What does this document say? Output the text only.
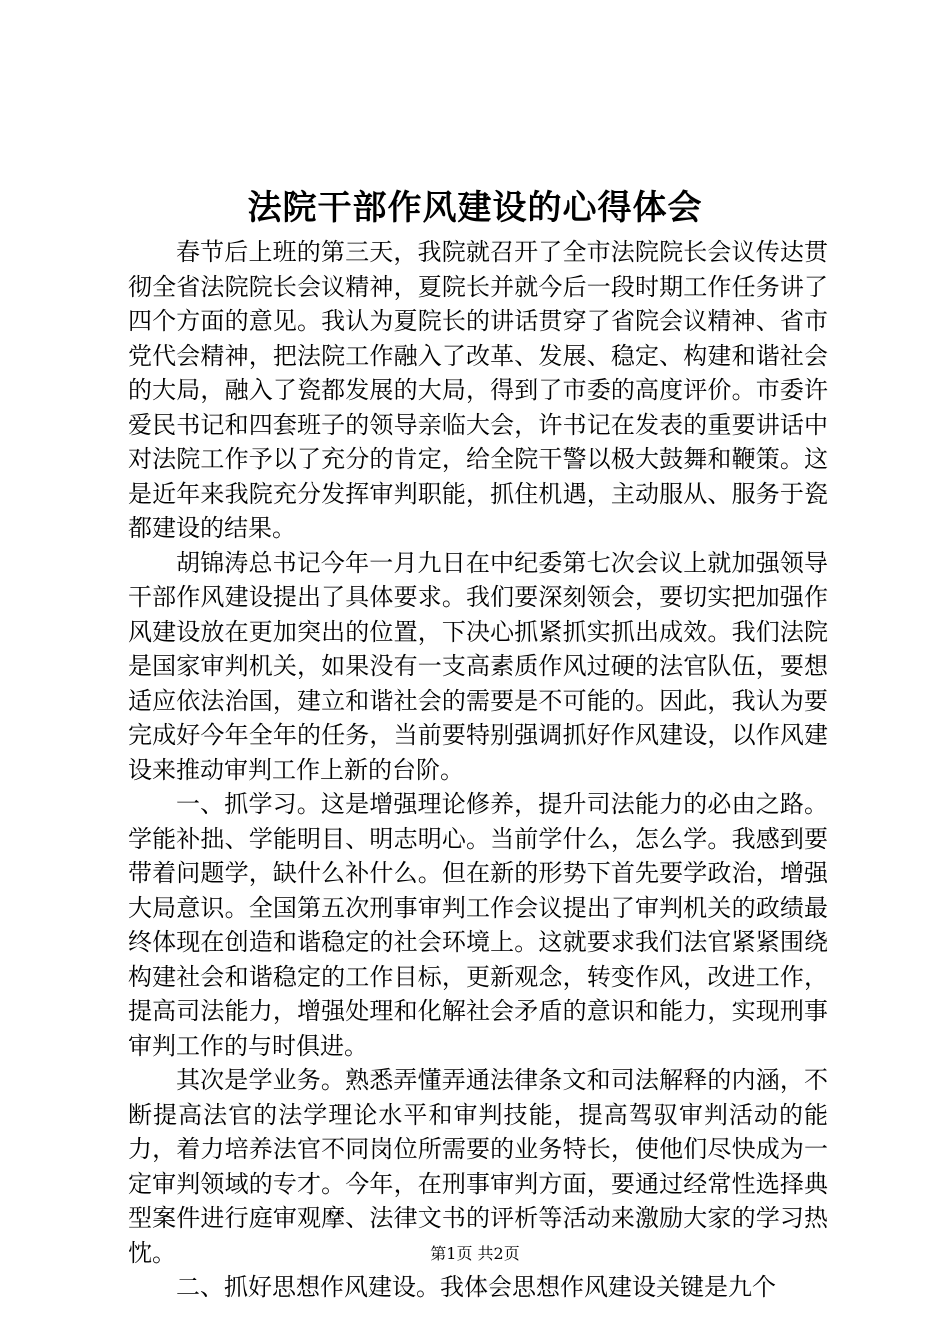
法院干部作风建设的心得体会

春节后上班的第三天，我院就召开了全市法院院长会议传达贯彻全省法院院长会议精神，夏院长并就今后一段时期工作任务讲了四个方面的意见。我认为夏院长的讲话贯穿了省院会议精神、省市党代会精神，把法院工作融入了改革、发展、稳定、构建和谐社会的大局，融入了瓷都发展的大局，得到了市委的高度评价。市委许爱民书记和四套班子的领导亲临大会，许书记在发表的重要讲话中对法院工作予以了充分的肯定，给全院干警以极大鼓舞和鞭策。这是近年来我院充分发挥审判职能，抓住机遇，主动服从、服务于瓷都建设的结果。

胡锦涛总书记今年一月九日在中纪委第七次会议上就加强领导干部作风建设提出了具体要求。我们要深刻领会，要切实把加强作风建设放在更加突出的位置，下决心抓紧抓实抓出成效。我们法院是国家审判机关，如果没有一支高素质作风过硬的法官队伍，要想适应依法治国，建立和谐社会的需要是不可能的。因此，我认为要完成好今年全年的任务，当前要特别强调抓好作风建设，以作风建设来推动审判工作上新的台阶。

一、抓学习。这是增强理论修养，提升司法能力的必由之路。学能补拙、学能明目、明志明心。当前学什么，怎么学。我感到要带着问题学，缺什么补什么。但在新的形势下首先要学政治，增强大局意识。全国第五次刑事审判工作会议提出了审判机关的政绩最终体现在创造和谐稳定的社会环境上。这就要求我们法官紧紧围绕构建社会和谐稳定的工作目标，更新观念，转变作风，改进工作，提高司法能力，增强处理和化解社会矛盾的意识和能力，实现刑事审判工作的与时俱进。

其次是学业务。熟悉弄懂弄通法律条文和司法解释的内涵，不断提高法官的法学理论水平和审判技能，提高驾驭审判活动的能力，着力培养法官不同岗位所需要的业务特长，使他们尽快成为一定审判领域的专才。今年，在刑事审判方面，要通过经常性选择典型案件进行庭审观摩、法律文书的评析等活动来激励大家的学习热忱。

二、抓好思想作风建设。我体会思想作风建设关键是九个

第1页 共2页
